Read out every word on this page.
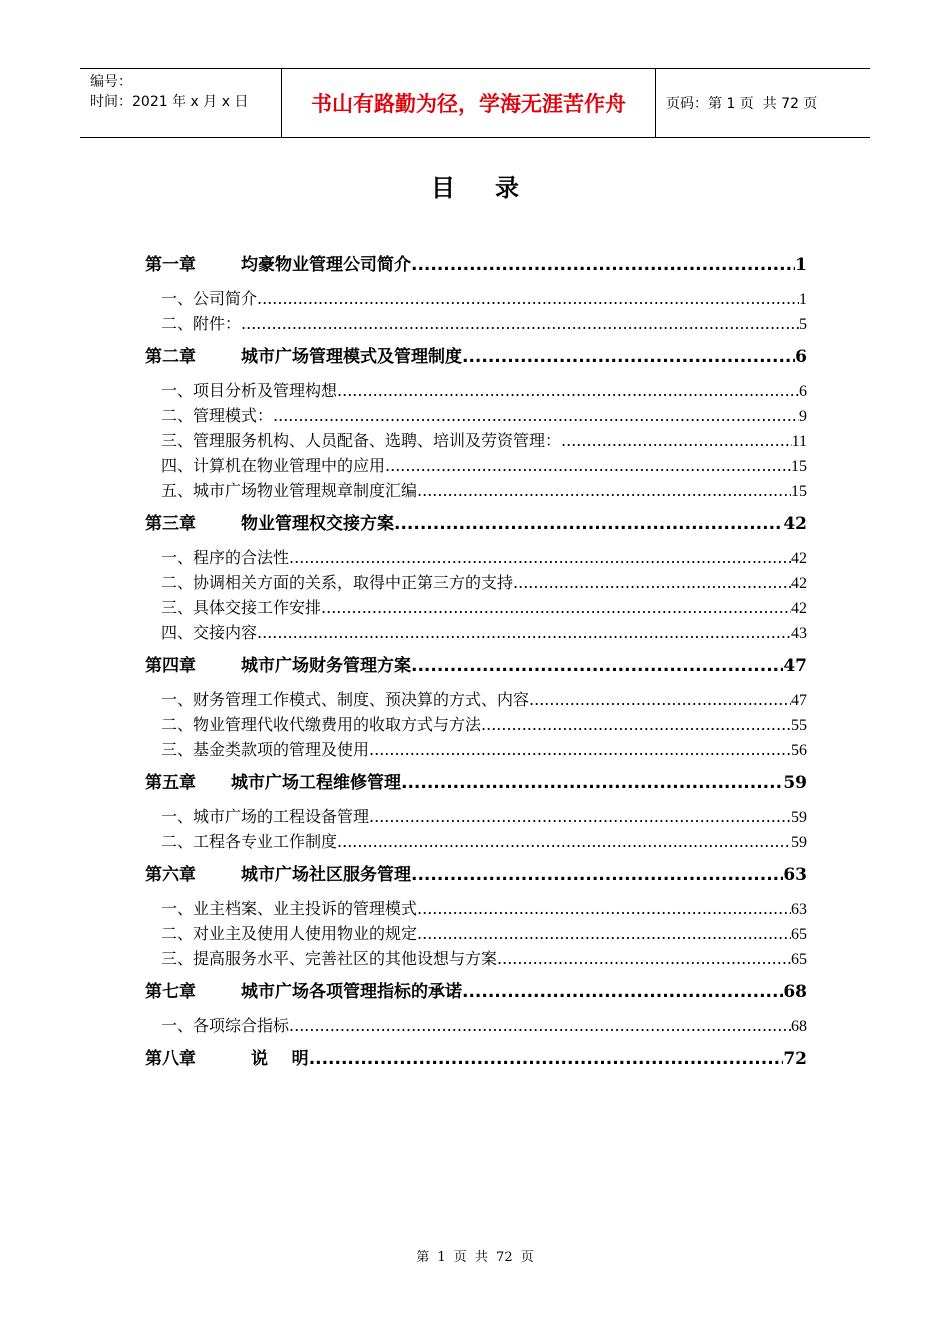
编号：
时间：2021 年 x 月 x 日	书山有路勤为径，学海无涯苦作舟	页码：第 1 页  共 72 页
目录
第一章	均豪物业管理公司简介 .....	1
一、公司简介 .....	1
二、附件： .....	5
第二章	城市广场管理模式及管理制度 .....	6
一、项目分析及管理构想 .....	6
二、管理模式： .....	9
三、管理服务机构、人员配备、选聘、培训及劳资管理： .....	11
四、计算机在物业管理中的应用 .....	15
五、城市广场物业管理规章制度汇编 .....	15
第三章	物业管理权交接方案 .....	42
一、程序的合法性 .....	42
二、协调相关方面的关系，取得中正第三方的支持 .....	42
三、具体交接工作安排 .....	42
四、交接内容 .....	43
第四章	城市广场财务管理方案 .....	47
一、财务管理工作模式、制度、预决算的方式、内容 .....	47
二、物业管理代收代缴费用的收取方式与方法 .....	55
三、基金类款项的管理及使用 .....	56
第五章	城市广场工程维修管理 .....	59
一、城市广场的工程设备管理 .....	59
二、工程各专业工作制度 .....	59
第六章	城市广场社区服务管理 .....	63
一、业主档案、业主投诉的管理模式 .....	63
二、对业主及使用人使用物业的规定 .....	65
三、提高服务水平、完善社区的其他设想与方案 .....	65
第七章	城市广场各项管理指标的承诺 .....	68
一、各项综合指标 .....	68
第八章	说    明 .....	72
第 1 页 共 72 页
